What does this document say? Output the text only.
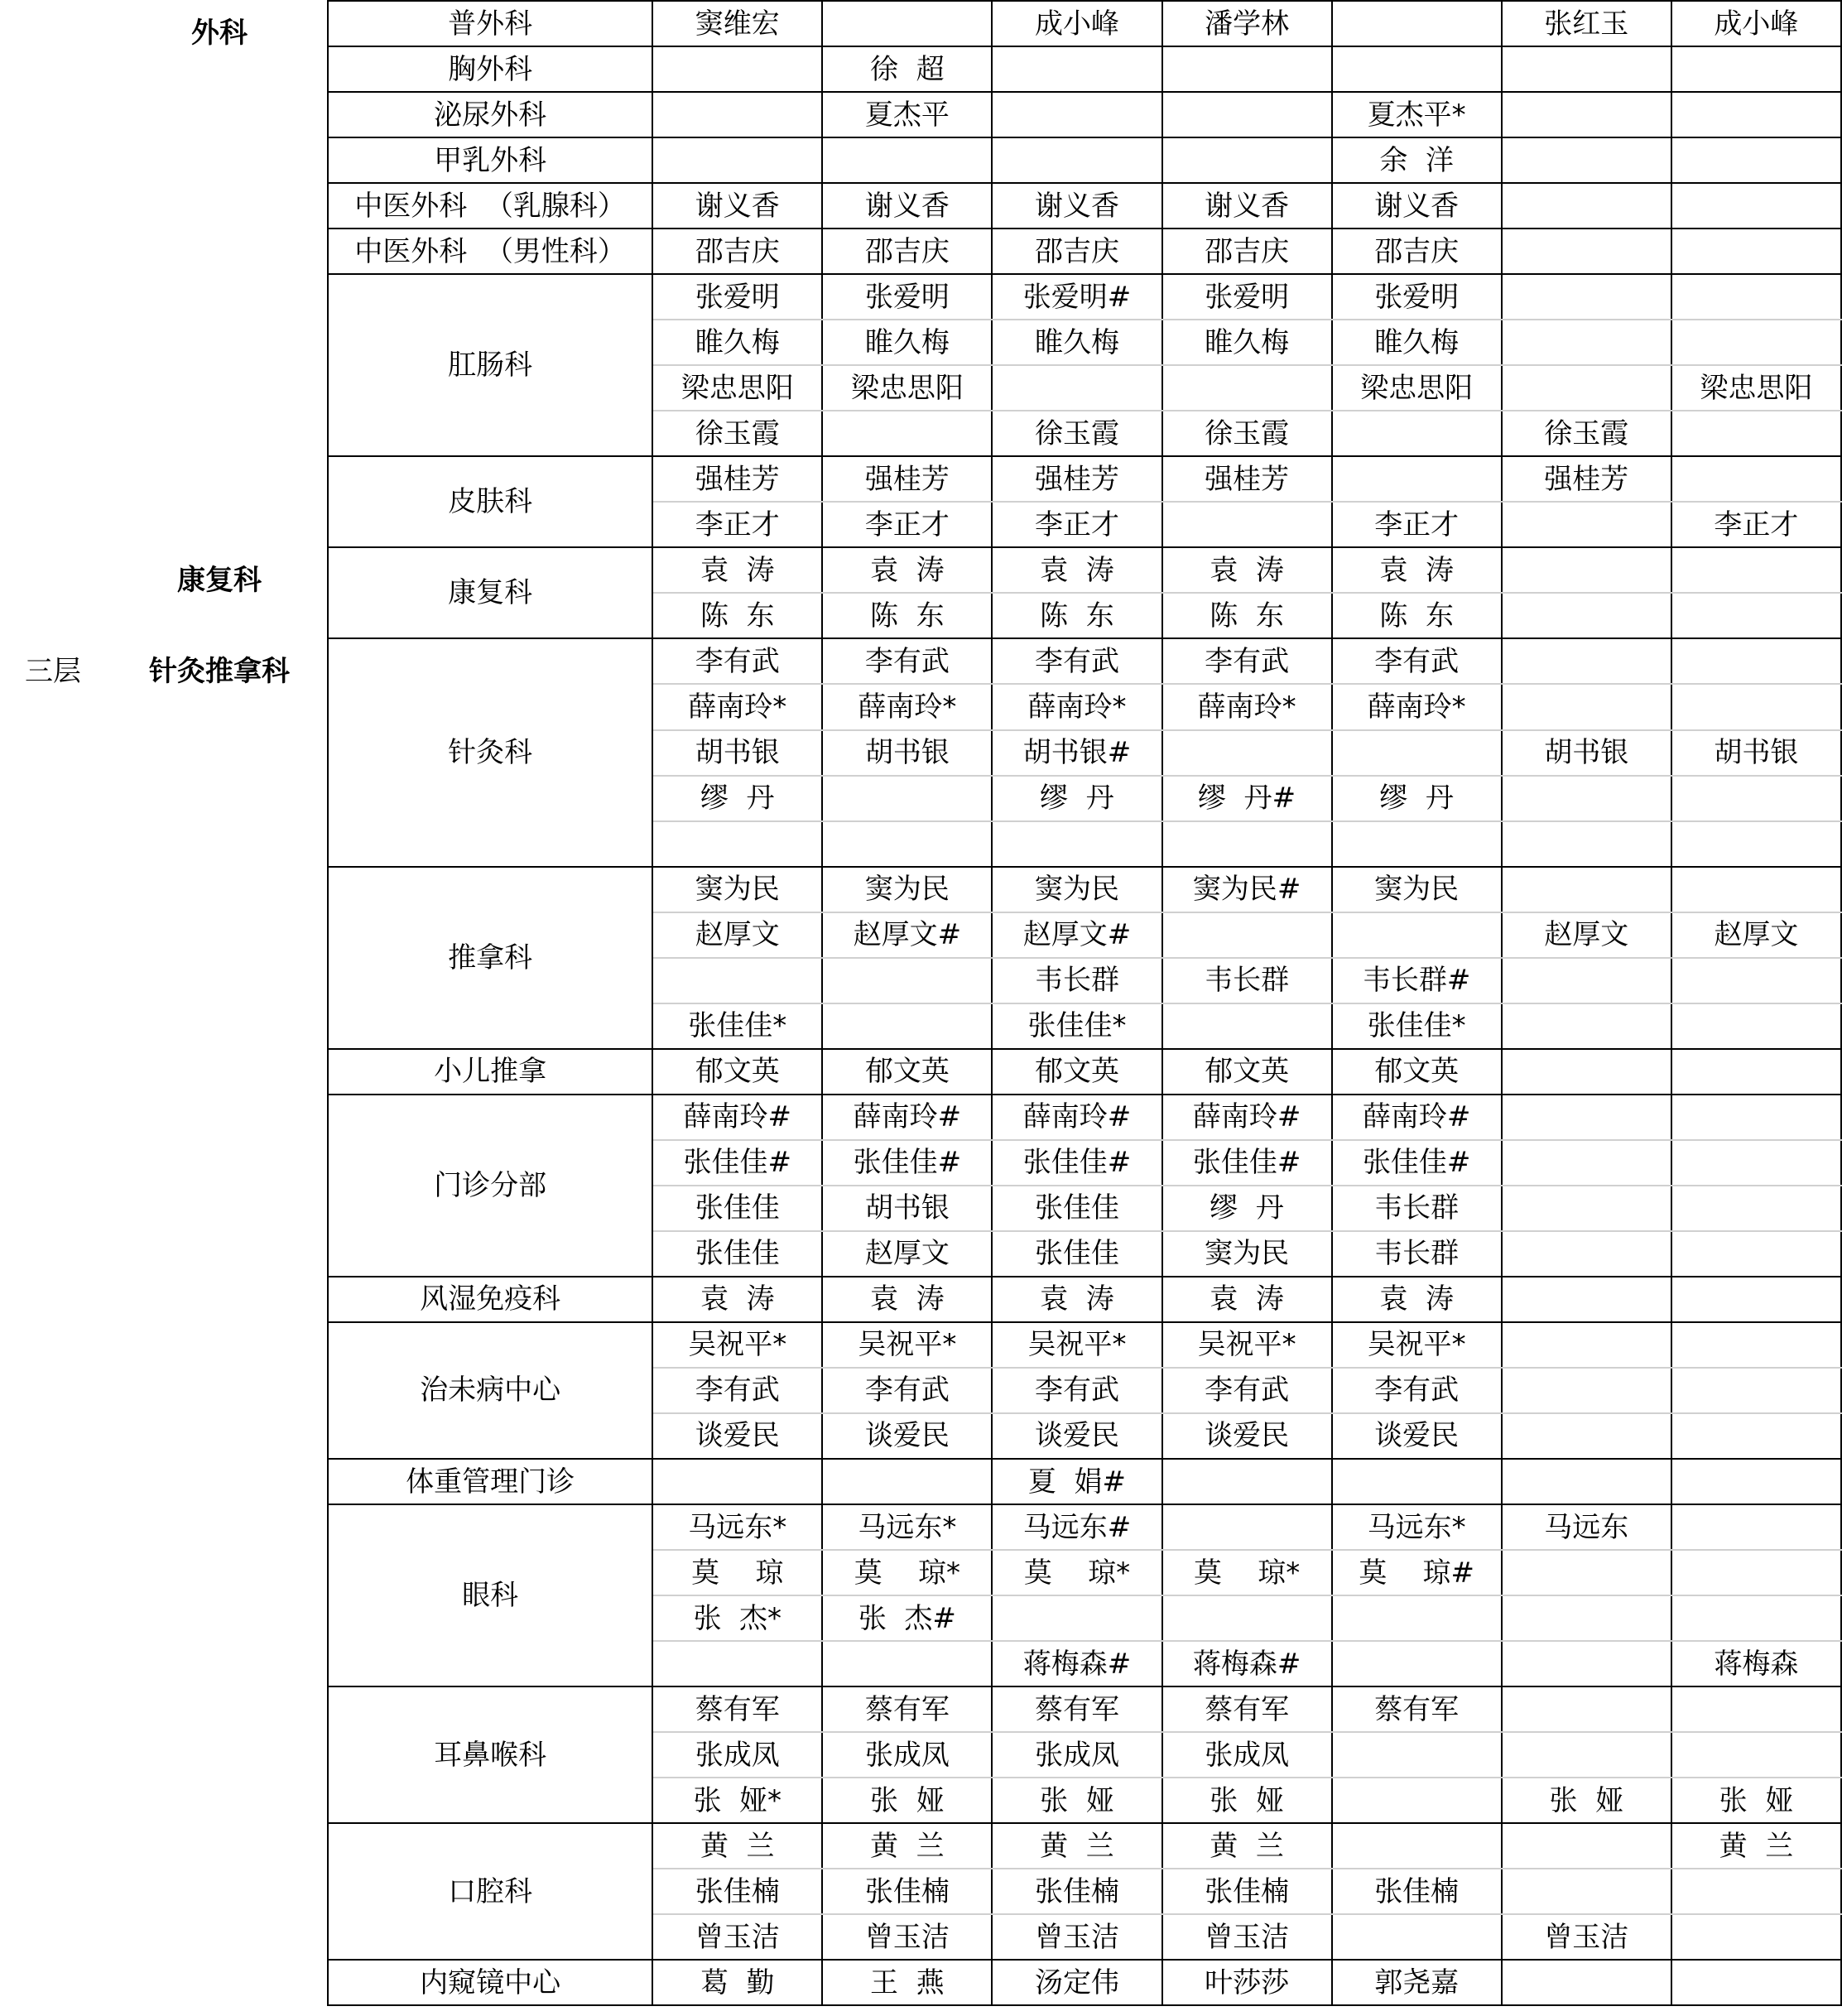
三层
外科
康复科
针灸推拿科
普外科	窦维宏		成小峰	潘学林		张红玉	成小峰
胸外科		徐  超					
泌尿外科		夏杰平			夏杰平*		
甲乳外科					余  洋		
中医外科  （乳腺科）	谢义香	谢义香	谢义香	谢义香	谢义香		
中医外科  （男性科）	邵吉庆	邵吉庆	邵吉庆	邵吉庆	邵吉庆		
肛肠科	张爱明	张爱明	张爱明#	张爱明	张爱明		
	睢久梅	睢久梅	睢久梅	睢久梅	睢久梅		
	梁忠思阳	梁忠思阳			梁忠思阳		梁忠思阳
	徐玉霞		徐玉霞	徐玉霞		徐玉霞	
皮肤科	强桂芳	强桂芳	强桂芳	强桂芳		强桂芳	
	李正才	李正才	李正才		李正才		李正才
康复科	袁  涛	袁  涛	袁  涛	袁  涛	袁  涛		
	陈  东	陈  东	陈  东	陈  东	陈  东		
针灸科	李有武	李有武	李有武	李有武	李有武		
	薛南玲*	薛南玲*	薛南玲*	薛南玲*	薛南玲*		
	胡书银	胡书银	胡书银#			胡书银	胡书银
	缪  丹		缪  丹	缪  丹#	缪  丹		

推拿科	窦为民	窦为民	窦为民	窦为民#	窦为民		
	赵厚文	赵厚文#	赵厚文#			赵厚文	赵厚文
			韦长群	韦长群	韦长群#		
	张佳佳*		张佳佳*		张佳佳*		
小儿推拿	郁文英	郁文英	郁文英	郁文英	郁文英		
门诊分部	薛南玲#	薛南玲#	薛南玲#	薛南玲#	薛南玲#		
	张佳佳#	张佳佳#	张佳佳#	张佳佳#	张佳佳#		
	张佳佳	胡书银	张佳佳	缪  丹	韦长群		
	张佳佳	赵厚文	张佳佳	窦为民	韦长群		
风湿免疫科	袁  涛	袁  涛	袁  涛	袁  涛	袁  涛		
治未病中心	吴祝平*	吴祝平*	吴祝平*	吴祝平*	吴祝平*		
	李有武	李有武	李有武	李有武	李有武		
	谈爱民	谈爱民	谈爱民	谈爱民	谈爱民		
体重管理门诊			夏  娟#				
眼科	马远东*	马远东*	马远东#		马远东*	马远东	
	莫    琼	莫    琼*	莫    琼*	莫    琼*	莫    琼#		
	张  杰*	张  杰#					
			蒋梅森#	蒋梅森#			蒋梅森
耳鼻喉科	蔡有军	蔡有军	蔡有军	蔡有军	蔡有军		
	张成凤	张成凤	张成凤	张成凤			
	张  娅*	张  娅	张  娅	张  娅		张  娅	张  娅
口腔科	黄  兰	黄  兰	黄  兰	黄  兰			黄  兰
	张佳楠	张佳楠	张佳楠	张佳楠	张佳楠		
	曾玉洁	曾玉洁	曾玉洁	曾玉洁		曾玉洁	
内窥镜中心	葛  勤	王  燕	汤定伟	叶莎莎	郭尧嘉		
